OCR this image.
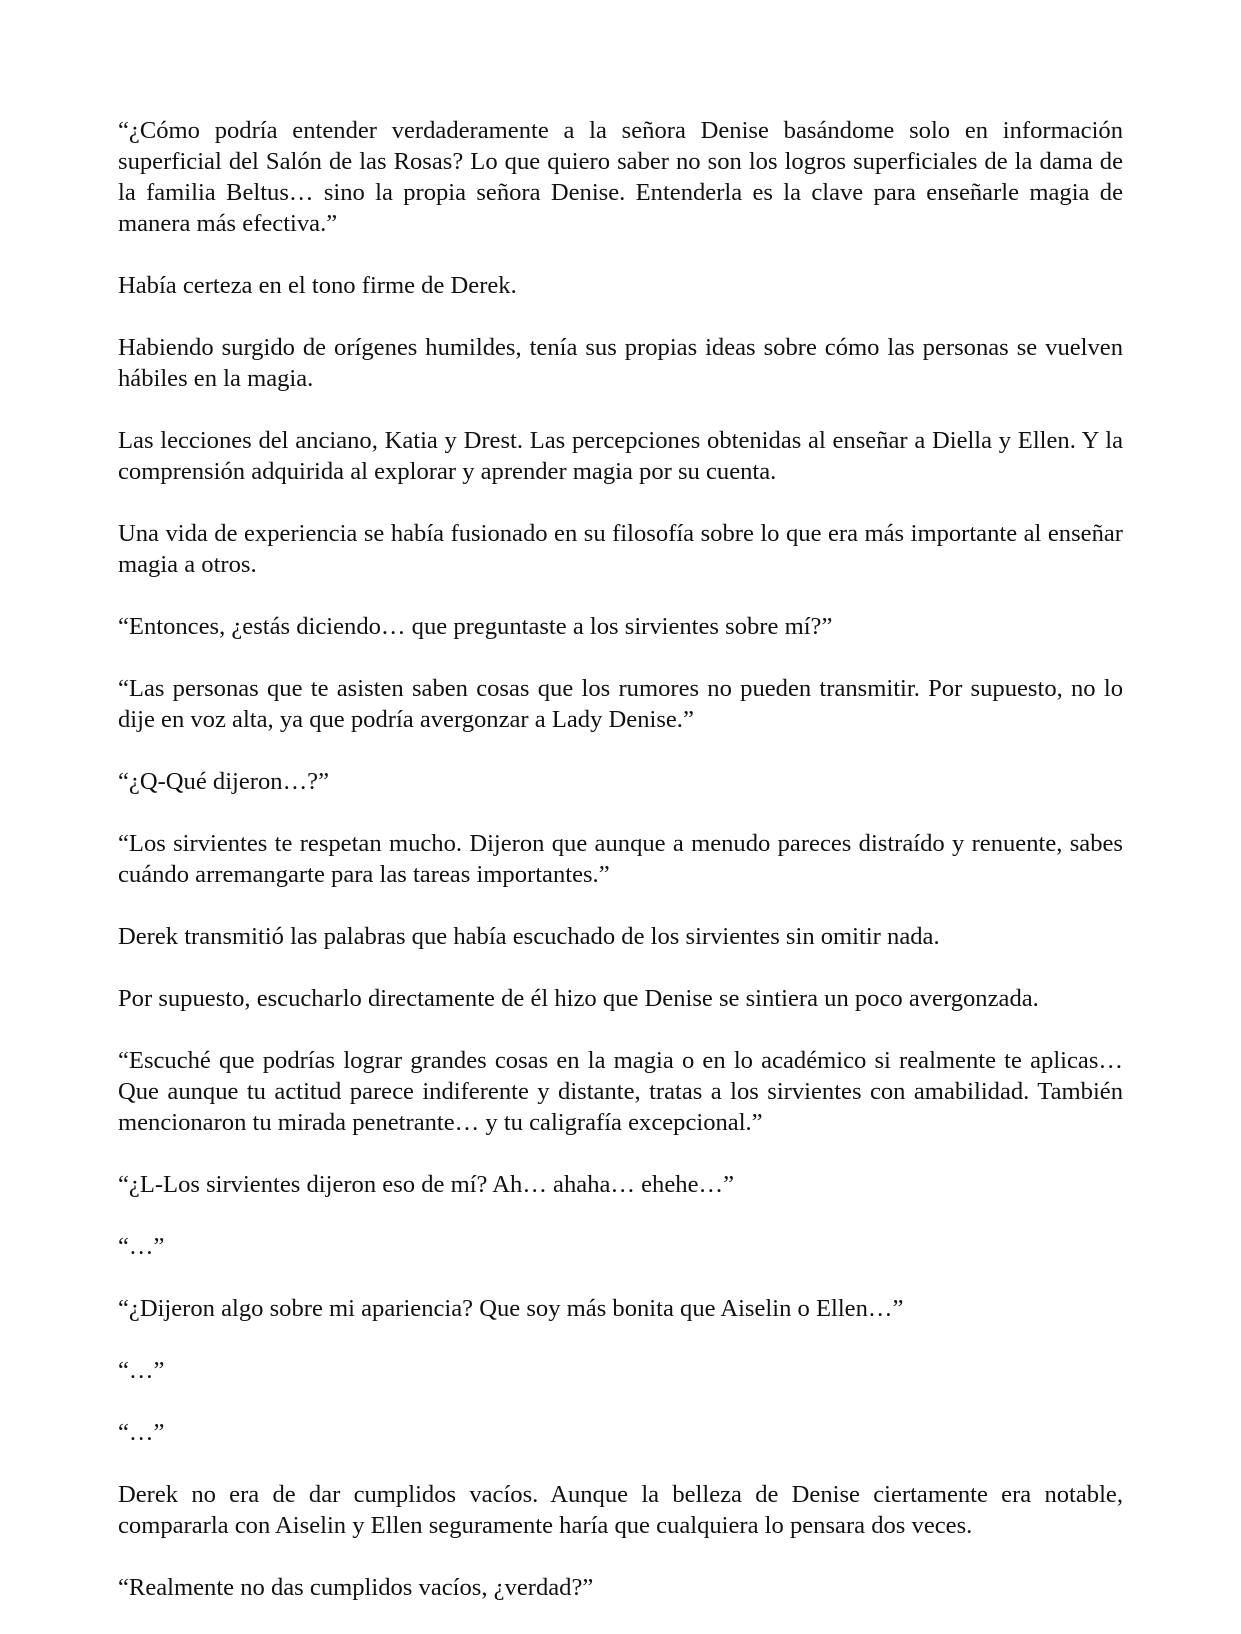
“¿Cómo podría entender verdaderamente a la señora Denise basándome solo en información superficial del Salón de las Rosas? Lo que quiero saber no son los logros superficiales de la dama de la familia Beltus… sino la propia señora Denise. Entenderla es la clave para enseñarle magia de manera más efectiva.”

Había certeza en el tono firme de Derek.

Habiendo surgido de orígenes humildes, tenía sus propias ideas sobre cómo las personas se vuelven hábiles en la magia.

Las lecciones del anciano, Katia y Drest. Las percepciones obtenidas al enseñar a Diella y Ellen. Y la comprensión adquirida al explorar y aprender magia por su cuenta.

Una vida de experiencia se había fusionado en su filosofía sobre lo que era más importante al enseñar magia a otros.

“Entonces, ¿estás diciendo… que preguntaste a los sirvientes sobre mí?”

“Las personas que te asisten saben cosas que los rumores no pueden transmitir. Por supuesto, no lo dije en voz alta, ya que podría avergonzar a Lady Denise.”

“¿Q-Qué dijeron…?”

“Los sirvientes te respetan mucho. Dijeron que aunque a menudo pareces distraído y renuente, sabes cuándo arremangarte para las tareas importantes.”

Derek transmitió las palabras que había escuchado de los sirvientes sin omitir nada.

Por supuesto, escucharlo directamente de él hizo que Denise se sintiera un poco avergonzada.

“Escuché que podrías lograr grandes cosas en la magia o en lo académico si realmente te aplicas… Que aunque tu actitud parece indiferente y distante, tratas a los sirvientes con amabilidad. También mencionaron tu mirada penetrante… y tu caligrafía excepcional.”

“¿L-Los sirvientes dijeron eso de mí? Ah… ahaha… ehehe…”

“…”

“¿Dijeron algo sobre mi apariencia? Que soy más bonita que Aiselin o Ellen…”

“…”

“…”

Derek no era de dar cumplidos vacíos. Aunque la belleza de Denise ciertamente era notable, compararla con Aiselin y Ellen seguramente haría que cualquiera lo pensara dos veces.

“Realmente no das cumplidos vacíos, ¿verdad?”
